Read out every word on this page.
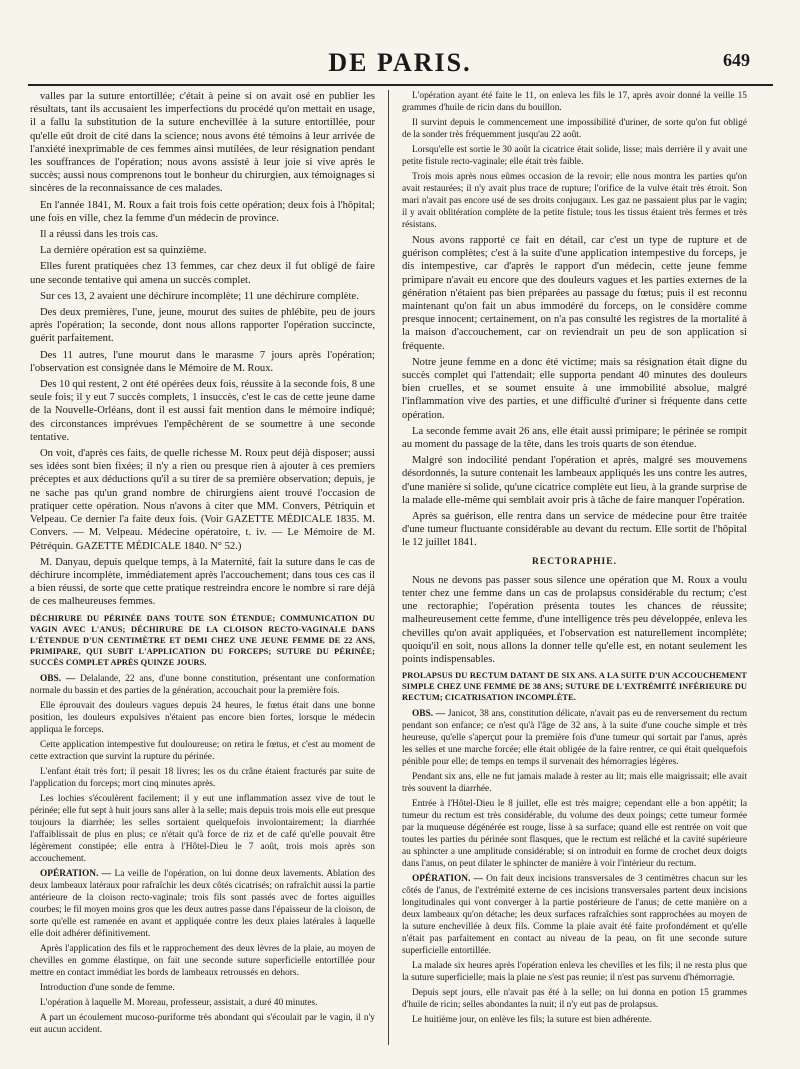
DE PARIS.	649

valles par la suture entortillée; c'était à peine si on avait osé en publier les résultats, tant ils accusaient les imperfections du procédé qu'on mettait en usage, il a fallu la substitution de la suture enchevillée à la suture entortillée, pour qu'elle eût droit de cité dans la science; nous avons été témoins à leur arrivée de l'anxiété inexprimable de ces femmes ainsi mutilées, de leur résignation pendant les souffrances de l'opération; nous avons assisté à leur joie si vive après le succès; aussi nous comprenons tout le bonheur du chirurgien, aux témoignages si sincères de la reconnaissance de ces malades.

En l'année 1841, M. Roux a fait trois fois cette opération; deux fois à l'hôpital; une fois en ville, chez la femme d'un médecin de province.

Il a réussi dans les trois cas.

La dernière opération est sa quinzième.

Elles furent pratiquées chez 13 femmes, car chez deux il fut obligé de faire une seconde tentative qui amena un succès complet.

Sur ces 13, 2 avaient une déchirure incomplète; 11 une déchirure complète.

Des deux premières, l'une, jeune, mourut des suites de phlébite, peu de jours après l'opération; la seconde, dont nous allons rapporter l'opération succincte, guérit parfaitement.

Des 11 autres, l'une mourut dans le marasme 7 jours après l'opération; l'observation est consignée dans le Mémoire de M. Roux.

Des 10 qui restent, 2 ont été opérées deux fois, réussite à la seconde fois, 8 une seule fois; il y eut 7 succès complets, 1 insuccès, c'est le cas de cette jeune dame de la Nouvelle-Orléans, dont il est aussi fait mention dans le mémoire indiqué; des circonstances imprévues l'empêchèrent de se soumettre à une seconde tentative.

On voit, d'après ces faits, de quelle richesse M. Roux peut déjà disposer; aussi ses idées sont bien fixées; il n'y a rien ou presque rien à ajouter à ces premiers préceptes et aux déductions qu'il a su tirer de sa première observation; depuis, je ne sache pas qu'un grand nombre de chirurgiens aient trouvé l'occasion de pratiquer cette opération. Nous n'avons à citer que MM. Convers, Pétriquin et Velpeau. Ce dernier l'a faite deux fois. (Voir GAZETTE MÉDICALE 1835. M. Convers. — M. Velpeau. Médecine opératoire, t. iv. — Le Mémoire de M. Pétréquin. GAZETTE MÉDICALE 1840. N° 52.)

M. Danyau, depuis quelque temps, à la Maternité, fait la suture dans le cas de déchirure incomplète, immédiatement après l'accouchement; dans tous ces cas il a bien réussi, de sorte que cette pratique restreindra encore le nombre si rare déjà de ces malheureuses femmes.

DÉCHIRURE DU PÉRINÉE DANS TOUTE SON ÉTENDUE; COMMUNICATION DU VAGIN AVEC L'ANUS; DÉCHIRURE DE LA CLOISON RECTO-VAGINALE DANS L'ÉTENDUE D'UN CENTIMÈTRE ET DEMI CHEZ UNE JEUNE FEMME DE 22 ANS, PRIMIPARE, QUI SUBIT L'APPLICATION DU FORCEPS; SUTURE DU PÉRINÉE; SUCCÈS COMPLET APRÈS QUINZE JOURS.

OBS. — Delalande, 22 ans, d'une bonne constitution, présentant une conformation normale du bassin et des parties de la génération, accouchait pour la première fois.

Elle éprouvait des douleurs vagues depuis 24 heures, le fœtus était dans une bonne position, les douleurs expulsives n'étaient pas encore bien fortes, lorsque le médecin appliqua le forceps.

Cette application intempestive fut douloureuse; on retira le fœtus, et c'est au moment de cette extraction que survint la rupture du périnée.

L'enfant était très fort; il pesait 18 livres; les os du crâne étaient fracturés par suite de l'application du forceps; mort cinq minutes après.

Les lochies s'écoulèrent facilement; il y eut une inflammation assez vive de tout le périnée; elle fut sept à huit jours sans aller à la selle; mais depuis trois mois elle eut presque toujours la diarrhée; les selles sortaient quelquefois involontairement; la diarrhée l'affaiblissait de plus en plus; ce n'était qu'à force de riz et de café qu'elle pouvait être légèrement constipée; elle entra à l'Hôtel-Dieu le 7 août, trois mois après son accouchement.

OPÉRATION. — La veille de l'opération, on lui donne deux lavements. Ablation des deux lambeaux latéraux pour rafraîchir les deux côtés cicatrisés; on rafraîchit aussi la partie antérieure de la cloison recto-vaginale; trois fils sont passés avec de fortes aiguilles courbes; le fil moyen moins gros que les deux autres passe dans l'épaisseur de la cloison, de sorte qu'elle est ramenée en avant et appliquée contre les deux plaies latérales à laquelle elle doit adhérer définitivement.

Après l'application des fils et le rapprochement des deux lèvres de la plaie, au moyen de chevilles en gomme élastique, on fait une seconde suture superficielle entortillée pour mettre en contact immédiat les bords de lambeaux retroussés en dehors.

Introduction d'une sonde de femme.

L'opération à laquelle M. Moreau, professeur, assistait, a duré 40 minutes.

A part un écoulement mucoso-puriforme très abondant qui s'écoulait par le vagin, il n'y eut aucun accident.

L'opération ayant été faite le 11, on enleva les fils le 17, après avoir donné la veille 15 grammes d'huile de ricin dans du bouillon.

Il survint depuis le commencement une impossibilité d'uriner, de sorte qu'on fut obligé de la sonder très fréquemment jusqu'au 22 août.

Lorsqu'elle est sortie le 30 août la cicatrice était solide, lisse; mais derrière il y avait une petite fistule recto-vaginale; elle était très faible.

Trois mois après nous eûmes occasion de la revoir; elle nous montra les parties qu'on avait restaurées; il n'y avait plus trace de rupture; l'orifice de la vulve était très étroit. Son mari n'avait pas encore usé de ses droits conjugaux. Les gaz ne passaient plus par le vagin; il y avait oblitération complète de la petite fistule; tous les tissus étaient très fermes et très résistans.

Nous avons rapporté ce fait en détail, car c'est un type de rupture et de guérison complètes; c'est à la suite d'une application intempestive du forceps, je dis intempestive, car d'après le rapport d'un médecin, cette jeune femme primipare n'avait eu encore que des douleurs vagues et les parties externes de la génération n'étaient pas bien préparées au passage du fœtus; puis il est reconnu maintenant qu'on fait un abus immodéré du forceps, on le considère comme presque innocent; certainement, on n'a pas consulté les registres de la mortalité à la maison d'accouchement, car on reviendrait un peu de son application si fréquente.

Notre jeune femme en a donc été victime; mais sa résignation était digne du succès complet qui l'attendait; elle supporta pendant 40 minutes des douleurs bien cruelles, et se soumet ensuite à une immobilité absolue, malgré l'inflammation vive des parties, et une difficulté d'uriner si fréquente dans cette opération.

La seconde femme avait 26 ans, elle était aussi primipare; le périnée se rompit au moment du passage de la tête, dans les trois quarts de son étendue.

Malgré son indocilité pendant l'opération et après, malgré ses mouvemens désordonnés, la suture contenait les lambeaux appliqués les uns contre les autres, d'une manière si solide, qu'une cicatrice complète eut lieu, à la grande surprise de la malade elle-même qui semblait avoir pris à tâche de faire manquer l'opération.

Après sa guérison, elle rentra dans un service de médecine pour être traitée d'une tumeur fluctuante considérable au devant du rectum. Elle sortit de l'hôpital le 12 juillet 1841.

RECTORAPHIE.

Nous ne devons pas passer sous silence une opération que M. Roux a voulu tenter chez une femme dans un cas de prolapsus considérable du rectum; c'est une rectoraphie; l'opération présenta toutes les chances de réussite; malheureusement cette femme, d'une intelligence très peu développée, enleva les chevilles qu'on avait appliquées, et l'observation est naturellement incomplète; quoiqu'il en soit, nous allons la donner telle qu'elle est, en notant seulement les points indispensables.

PROLAPSUS DU RECTUM DATANT DE SIX ANS. A LA SUITE D'UN ACCOUCHEMENT SIMPLE CHEZ UNE FEMME DE 38 ANS; SUTURE DE L'EXTRÉMITÉ INFÉRIEURE DU RECTUM; CICATRISATION INCOMPLÈTE.

OBS. — Janicot, 38 ans, constitution délicate, n'avait pas eu de renversement du rectum pendant son enfance; ce n'est qu'à l'âge de 32 ans, à la suite d'une couche simple et très heureuse, qu'elle s'aperçut pour la première fois d'une tumeur qui sortait par l'anus, après les selles et une marche forcée; elle était obligée de la faire rentrer, ce qui était quelquefois pénible pour elle; de temps en temps il survenait des hémorragies légères.

Pendant six ans, elle ne fut jamais malade à rester au lit; mais elle maigrissait; elle avait très souvent la diarrhée.

Entrée à l'Hôtel-Dieu le 8 juillet, elle est très maigre; cependant elle a bon appétit; la tumeur du rectum est très considérable, du volume des deux poings; cette tumeur formée par la muqueuse dégénérée est rouge, lisse à sa surface; quand elle est rentrée on voit que toutes les parties du périnée sont flasques, que le rectum est relâché et la cavité supérieure au sphincter a une amplitude considérable; si on introduit en forme de crochet deux doigts dans l'anus, on peut dilater le sphincter de manière à voir l'intérieur du rectum.

OPÉRATION. — On fait deux incisions transversales de 3 centimètres chacun sur les côtés de l'anus, de l'extrémité externe de ces incisions transversales partent deux incisions longitudinales qui vont converger à la partie postérieure de l'anus; de cette manière on a deux lambeaux qu'on détache; les deux surfaces rafraîchies sont rapprochées au moyen de la suture enchevillée à deux fils. Comme la plaie avait été faite profondément et qu'elle n'était pas parfaitement en contact au niveau de la peau, on fit une seconde suture superficielle entortillée.

La malade six heures après l'opération enleva les chevilles et les fils; il ne resta plus que la suture superficielle; mais la plaie ne s'est pas reunie; il n'est pas survenu d'hémorragie.

Depuis sept jours, elle n'avait pas été à la selle; on lui donna en potion 15 grammes d'huile de ricin; selles abondantes la nuit; il n'y eut pas de prolapsus.

Le huitième jour, on enlève les fils; la suture est bien adhérente.
